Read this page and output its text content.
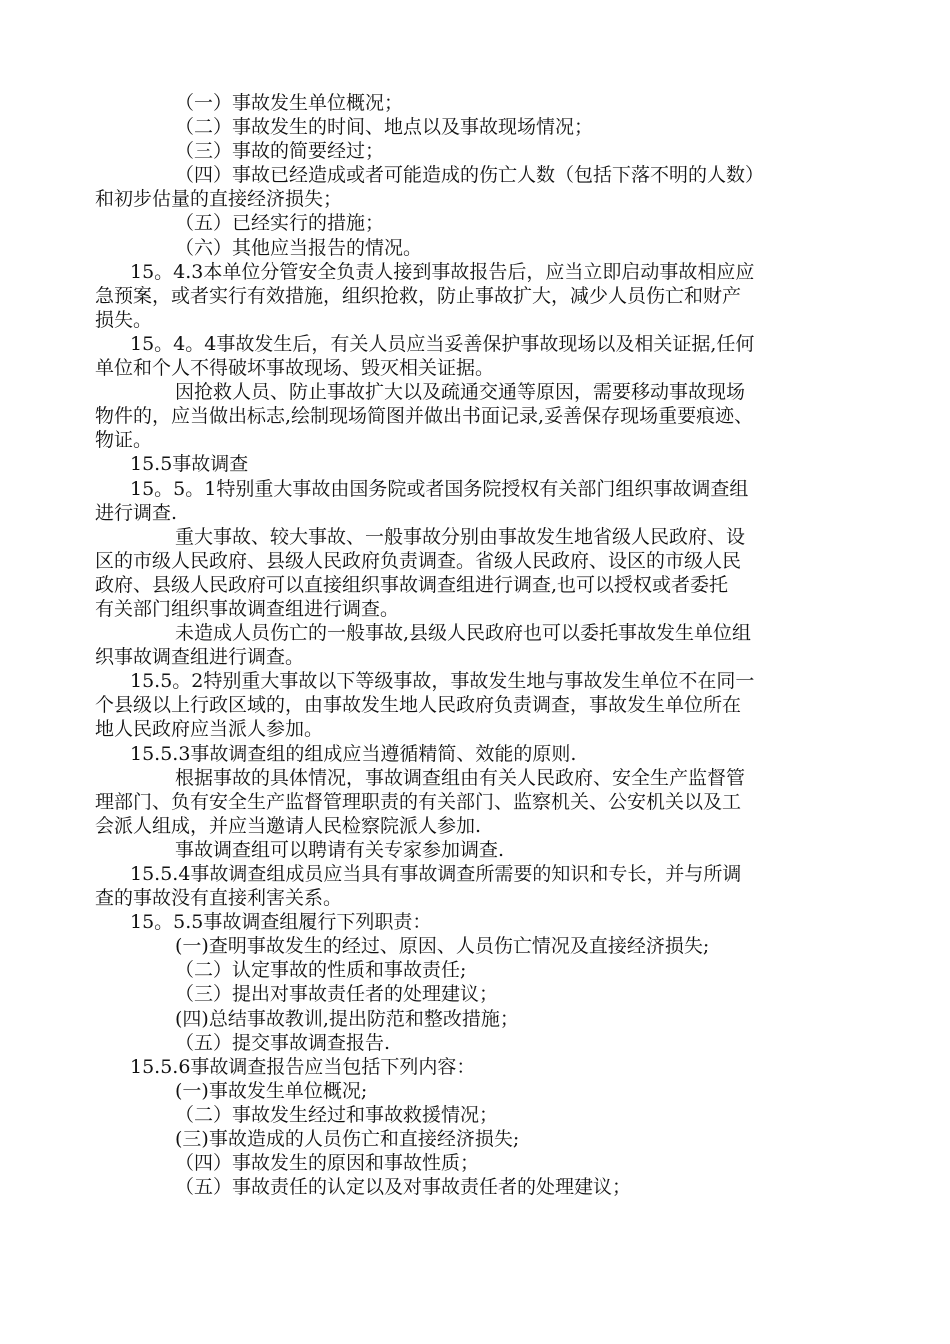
（一）事故发生单位概况；
（二）事故发生的时间、地点以及事故现场情况；
（三）事故的简要经过；
（四）事故已经造成或者可能造成的伤亡人数（包括下落不明的人数）
和初步估量的直接经济损失；
（五）已经实行的措施；
（六）其他应当报告的情况。
15。4.3本单位分管安全负责人接到事故报告后，应当立即启动事故相应应
急预案，或者实行有效措施，组织抢救，防止事故扩大，减少人员伤亡和财产
损失。
15。4。4事故发生后，有关人员应当妥善保护事故现场以及相关证据,任何
单位和个人不得破坏事故现场、毁灭相关证据。
因抢救人员、防止事故扩大以及疏通交通等原因，需要移动事故现场
物件的，应当做出标志,绘制现场简图并做出书面记录,妥善保存现场重要痕迹、
物证。
15.5事故调查
15。5。1特别重大事故由国务院或者国务院授权有关部门组织事故调查组
进行调查.
重大事故、较大事故、一般事故分别由事故发生地省级人民政府、设
区的市级人民政府、县级人民政府负责调查。省级人民政府、设区的市级人民
政府、县级人民政府可以直接组织事故调查组进行调查,也可以授权或者委托
有关部门组织事故调查组进行调查。
未造成人员伤亡的一般事故,县级人民政府也可以委托事故发生单位组
织事故调查组进行调查。
15.5。2特别重大事故以下等级事故，事故发生地与事故发生单位不在同一
个县级以上行政区域的，由事故发生地人民政府负责调查，事故发生单位所在
地人民政府应当派人参加。
15.5.3事故调查组的组成应当遵循精简、效能的原则.
根据事故的具体情况，事故调查组由有关人民政府、安全生产监督管
理部门、负有安全生产监督管理职责的有关部门、监察机关、公安机关以及工
会派人组成，并应当邀请人民检察院派人参加.
事故调查组可以聘请有关专家参加调查.
15.5.4事故调查组成员应当具有事故调查所需要的知识和专长，并与所调
查的事故没有直接利害关系。
15。5.5事故调查组履行下列职责：
(一)查明事故发生的经过、原因、人员伤亡情况及直接经济损失;
（二）认定事故的性质和事故责任;
（三）提出对事故责任者的处理建议；
(四)总结事故教训,提出防范和整改措施；
（五）提交事故调查报告.
15.5.6事故调查报告应当包括下列内容：
(一)事故发生单位概况;
（二）事故发生经过和事故救援情况；
(三)事故造成的人员伤亡和直接经济损失;
（四）事故发生的原因和事故性质；
（五）事故责任的认定以及对事故责任者的处理建议；
